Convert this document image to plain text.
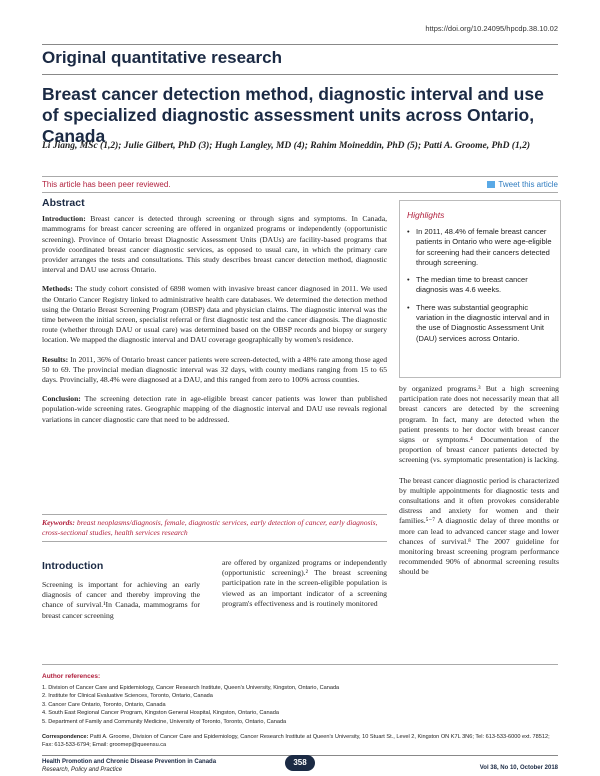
https://doi.org/10.24095/hpcdp.38.10.02
Original quantitative research
Breast cancer detection method, diagnostic interval and use of specialized diagnostic assessment units across Ontario, Canada
Li Jiang, MSc (1,2); Julie Gilbert, PhD (3); Hugh Langley, MD (4); Rahim Moineddin, PhD (5); Patti A. Groome, PhD (1,2)
This article has been peer reviewed.	Tweet this article
Abstract

Introduction: Breast cancer is detected through screening or through signs and symptoms. In Canada, mammograms for breast cancer screening are offered in organized programs or independently (opportunistic screening). Province of Ontario breast Diagnostic Assessment Units (DAUs) are facility-based programs that provide coordinated breast cancer diagnostic services, as opposed to usual care, in which the primary care provider arranges the tests and consultations. This study describes breast cancer detection method, diagnostic interval and DAU use across Ontario.

Methods: The study cohort consisted of 6898 women with invasive breast cancer diagnosed in 2011. We used the Ontario Cancer Registry linked to administrative health care databases. We determined the detection method using the Ontario Breast Screening Program (OBSP) data and physician claims. The diagnostic interval was the time between the initial screen, specialist referral or first diagnostic test and the cancer diagnosis. The diagnostic route (whether through DAU or usual care) was determined based on the OBSP records and biopsy or surgery location. We mapped the diagnostic interval and DAU coverage geographically by women's residence.

Results: In 2011, 36% of Ontario breast cancer patients were screen-detected, with a 48% rate among those aged 50 to 69. The provincial median diagnostic interval was 32 days, with county medians ranging from 15 to 65 days. Provincially, 48.4% were diagnosed at a DAU, and this ranged from zero to 100% across counties.

Conclusion: The screening detection rate in age-eligible breast cancer patients was lower than published population-wide screening rates. Geographic mapping of the diagnostic interval and DAU use reveals regional variations in cancer diagnostic care that need to be addressed.

Keywords: breast neoplasms/diagnosis, female, diagnostic services, early detection of cancer, early diagnosis, cross-sectional studies, health services research
Highlights
• In 2011, 48.4% of female breast cancer patients in Ontario who were age-eligible for screening had their cancers detected through screening.
• The median time to breast cancer diagnosis was 4.6 weeks.
• There was substantial geographic variation in the diagnostic interval and in the use of Diagnostic Assessment Unit (DAU) services across Ontario.

by organized programs.³ But a high screening participation rate does not necessarily mean that all breast cancers are detected by the screening program. In fact, many are detected when the patient presents to her doctor with breast cancer signs or symptoms.⁴ Documentation of the proportion of breast cancer patients detected by screening (vs. symptomatic presentation) is lacking.

The breast cancer diagnostic period is characterized by multiple appointments for diagnostic tests and consultations and it often provokes considerable distress and anxiety for women and their families.⁵⁻⁷ A diagnostic delay of three months or more can lead to advanced cancer stage and lower chances of survival.⁸ The 2007 guideline for monitoring breast screening program performance recommended 90% of abnormal screening results should be

Introduction

Screening is important for achieving an early diagnosis of cancer and thereby improving the chance of survival.¹In Canada, mammograms for breast cancer screening

are offered by organized programs or independently (opportunistic screening).² The breast screening participation rate in the screen-eligible population is viewed as an important indicator of a screening program's effectiveness and is routinely monitored

Author references:
1. Division of Cancer Care and Epidemiology, Cancer Research Institute, Queen's University, Kingston, Ontario, Canada
2. Institute for Clinical Evaluative Sciences, Toronto, Ontario, Canada
3. Cancer Care Ontario, Toronto, Ontario, Canada
4. South East Regional Cancer Program, Kingston General Hospital, Kingston, Ontario, Canada
5. Department of Family and Community Medicine, University of Toronto, Toronto, Ontario, Canada
Correspondence: Patti A. Groome, Division of Cancer Care and Epidemiology, Cancer Research Institute at Queen's University, 10 Stuart St., Level 2, Kingston ON K7L 3N6; Tel: 613-533-6000 ext. 78512; Fax: 613-533-6794; Email: groomep@queensu.ca
Health Promotion and Chronic Disease Prevention in Canada
Research, Policy and Practice
358
Vol 38, No 10, October 2018
